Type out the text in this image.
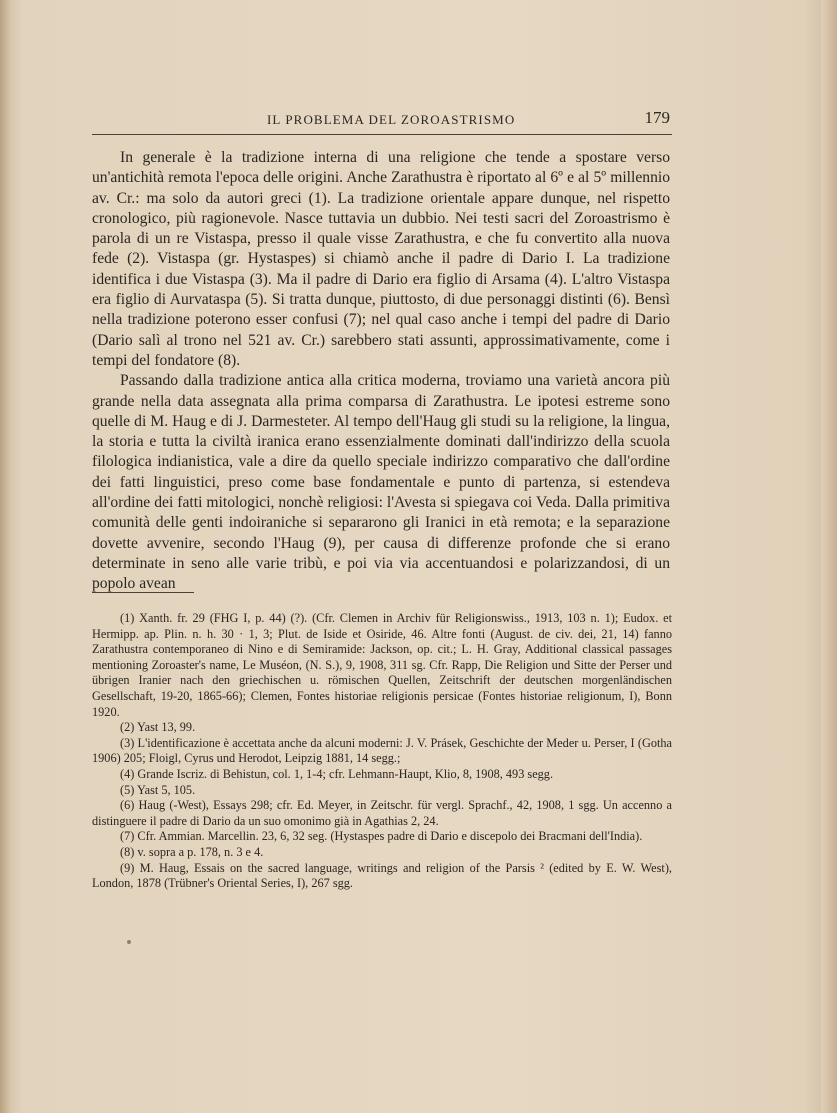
IL PROBLEMA DEL ZOROASTRISMO	179

In generale è la tradizione interna di una religione che tende a spostare verso un'antichità remota l'epoca delle origini. Anche Zarathustra è riportato al 6º e al 5º millennio av. Cr.: ma solo da autori greci (1). La tradizione orientale appare dunque, nel rispetto cronologico, più ragionevole. Nasce tuttavia un dubbio. Nei testi sacri del Zoroastrismo è parola di un re Vistaspa, presso il quale visse Zarathustra, e che fu convertito alla nuova fede (2). Vistaspa (gr. Hystaspes) si chiamò anche il padre di Dario I. La tradizione identifica i due Vistaspa (3). Ma il padre di Dario era figlio di Arsama (4). L'altro Vistaspa era figlio di Aurvataspa (5). Si tratta dunque, piuttosto, di due personaggi distinti (6). Bensì nella tradizione poterono esser confusi (7); nel qual caso anche i tempi del padre di Dario (Dario salì al trono nel 521 av. Cr.) sarebbero stati assunti, approssimativamente, come i tempi del fondatore (8).

Passando dalla tradizione antica alla critica moderna, troviamo una varietà ancora più grande nella data assegnata alla prima comparsa di Zarathustra. Le ipotesi estreme sono quelle di M. Haug e di J. Darmesteter. Al tempo dell'Haug gli studi su la religione, la lingua, la storia e tutta la civiltà iranica erano essenzialmente dominati dall'indirizzo della scuola filologica indianistica, vale a dire da quello speciale indirizzo comparativo che dall'ordine dei fatti linguistici, preso come base fondamentale e punto di partenza, si estendeva all'ordine dei fatti mitologici, nonchè religiosi: l'Avesta si spiegava coi Veda. Dalla primitiva comunità delle genti indoiraniche si separarono gli Iranici in età remota; e la separazione dovette avvenire, secondo l'Haug (9), per causa di differenze profonde che si erano determinate in seno alle varie tribù, e poi via via accentuandosi e polarizzandosi, di un popolo avean

(1) Xanth. fr. 29 (FHG I, p. 44) (?). (Cfr. Clemen in Archiv für Religionswiss., 1913, 103 n. 1); Eudox. et Hermipp. ap. Plin. n. h. 30 · 1, 3; Plut. de Iside et Osiride, 46. Altre fonti (August. de civ. dei, 21, 14) fanno Zarathustra contemporaneo di Nino e di Semiramide: Jackson, op. cit.; L. H. Gray, Additional classical passages mentioning Zoroaster's name, Le Muséon, (N. S.), 9, 1908, 311 sg. Cfr. Rapp, Die Religion und Sitte der Perser und übrigen Iranier nach den griechischen u. römischen Quellen, Zeitschrift der deutschen morgenländischen Gesellschaft, 19-20, 1865-66); Clemen, Fontes historiae religionis persicae (Fontes historiae religionum, I), Bonn 1920.

(2) Yast 13, 99.

(3) L'identificazione è accettata anche da alcuni moderni: J. V. Prásek, Geschichte der Meder u. Perser, I (Gotha 1906) 205; Floigl, Cyrus und Herodot, Leipzig 1881, 14 segg.;

(4) Grande Iscriz. di Behistun, col. 1, 1-4; cfr. Lehmann-Haupt, Klio, 8, 1908, 493 segg.

(5) Yast 5, 105.

(6) Haug (-West), Essays 298; cfr. Ed. Meyer, in Zeitschr. für vergl. Sprachf., 42, 1908, 1 sgg. Un accenno a distinguere il padre di Dario da un suo omonimo già in Agathias 2, 24.

(7) Cfr. Ammian. Marcellin. 23, 6, 32 seg. (Hystaspes padre di Dario e discepolo dei Bracmani dell'India).

(8) v. sopra a p. 178, n. 3 e 4.

(9) M. Haug, Essais on the sacred language, writings and religion of the Parsis ² (edited by E. W. West), London, 1878 (Trübner's Oriental Series, I), 267 sgg.
